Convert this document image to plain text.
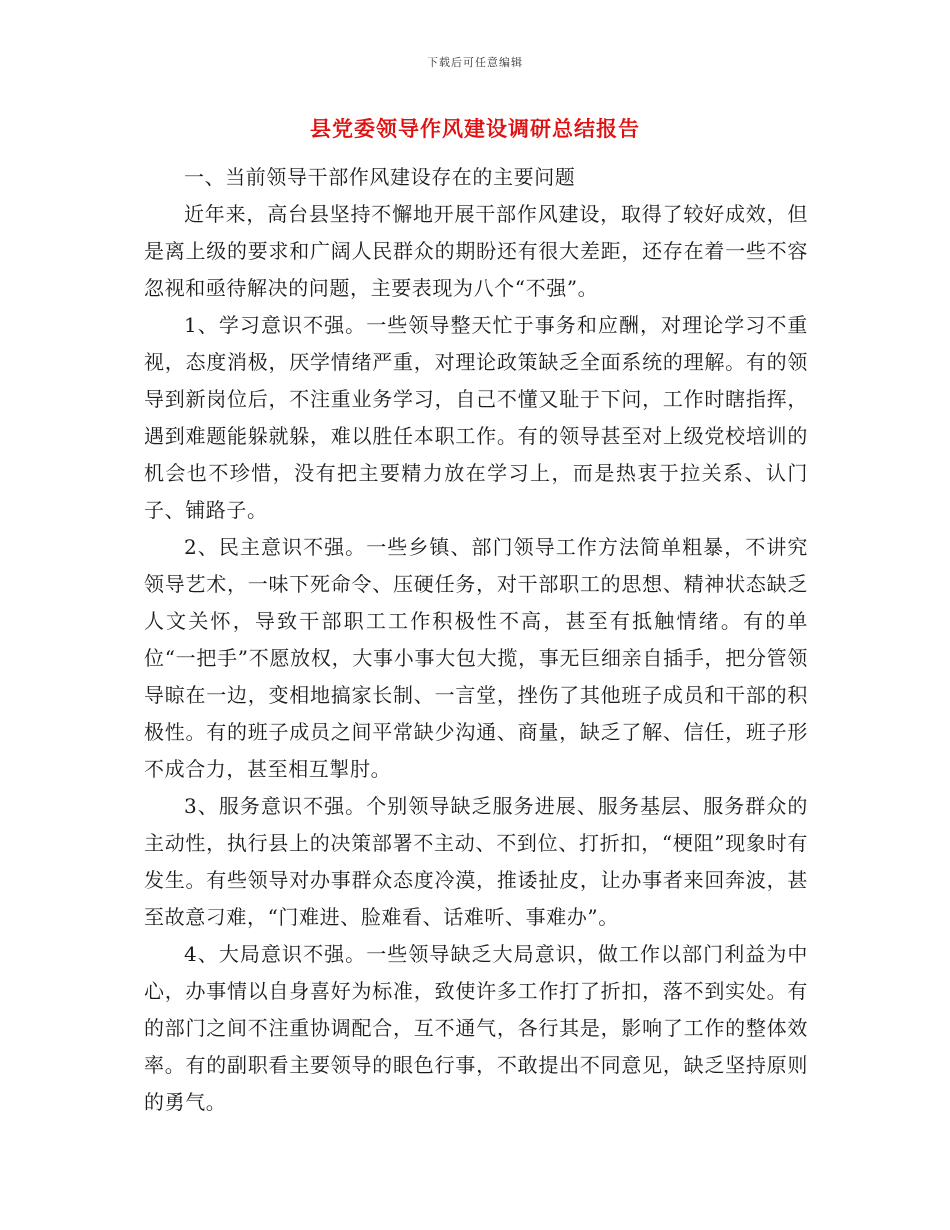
下载后可任意编辑
县党委领导作风建设调研总结报告

一、当前领导干部作风建设存在的主要问题

近年来，高台县坚持不懈地开展干部作风建设，取得了较好成效，但是离上级的要求和广阔人民群众的期盼还有很大差距，还存在着一些不容忽视和亟待解决的问题，主要表现为八个“不强”。

1、学习意识不强。一些领导整天忙于事务和应酬，对理论学习不重视，态度消极，厌学情绪严重，对理论政策缺乏全面系统的理解。有的领导到新岗位后，不注重业务学习，自己不懂又耻于下问，工作时瞎指挥，遇到难题能躲就躲，难以胜任本职工作。有的领导甚至对上级党校培训的机会也不珍惜，没有把主要精力放在学习上，而是热衷于拉关系、认门子、铺路子。

2、民主意识不强。一些乡镇、部门领导工作方法简单粗暴，不讲究领导艺术，一味下死命令、压硬任务，对干部职工的思想、精神状态缺乏人文关怀，导致干部职工工作积极性不高，甚至有抵触情绪。有的单位“一把手”不愿放权，大事小事大包大揽，事无巨细亲自插手，把分管领导晾在一边，变相地搞家长制、一言堂，挫伤了其他班子成员和干部的积极性。有的班子成员之间平常缺少沟通、商量，缺乏了解、信任，班子形不成合力，甚至相互掣肘。

3、服务意识不强。个别领导缺乏服务进展、服务基层、服务群众的主动性，执行县上的决策部署不主动、不到位、打折扣，“梗阻”现象时有发生。有些领导对办事群众态度冷漠，推诿扯皮，让办事者来回奔波，甚至故意刁难，“门难进、脸难看、话难听、事难办”。

4、大局意识不强。一些领导缺乏大局意识，做工作以部门利益为中心，办事情以自身喜好为标准，致使许多工作打了折扣，落不到实处。有的部门之间不注重协调配合，互不通气，各行其是，影响了工作的整体效率。有的副职看主要领导的眼色行事，不敢提出不同意见，缺乏坚持原则的勇气。
